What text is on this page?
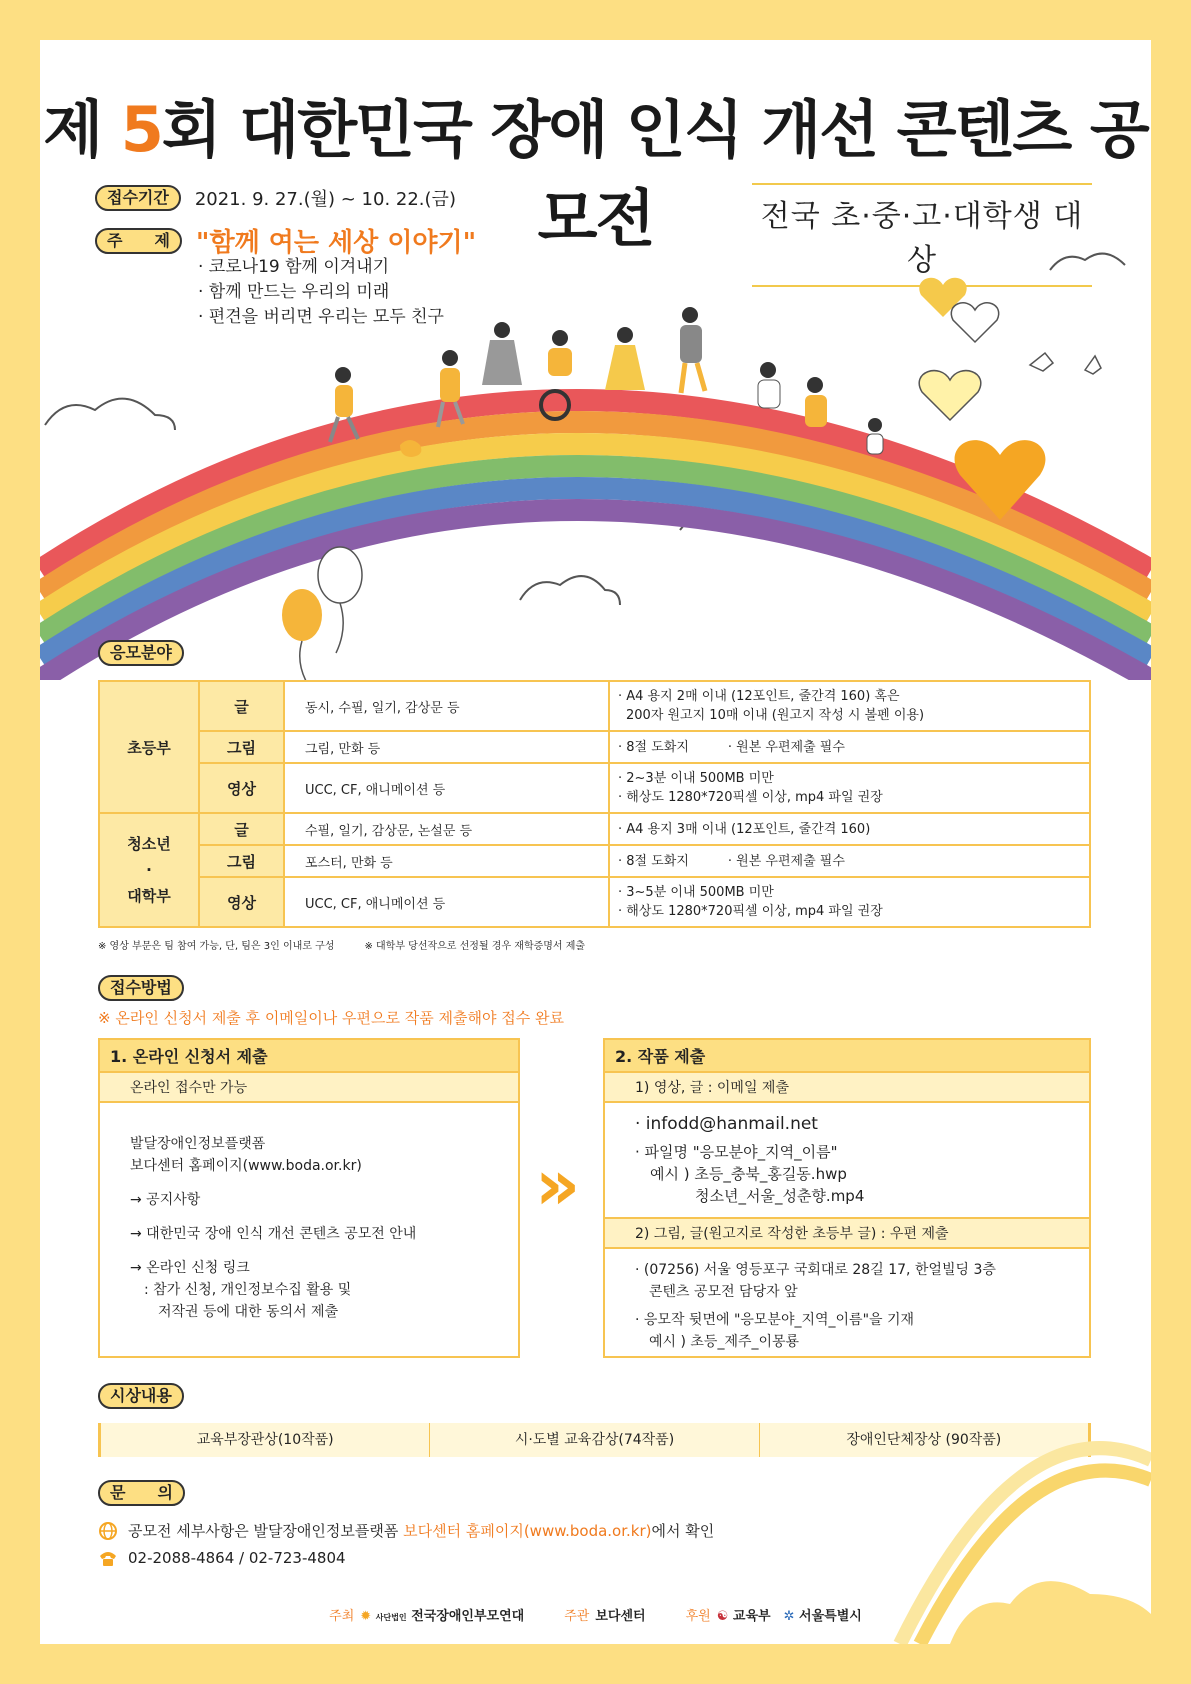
제 5회 대한민국 장애 인식 개선 콘텐츠 공모전
접수기간	2021. 9. 27.(월) ~ 10. 22.(금)
주　　제	"함께 여는 세상 이야기"
· 코로나19 함께 이겨내기
· 함께 만드는 우리의 미래
· 편견을 버리면 우리는 모두 친구
전국 초·중·고·대학생 대상
응모분야
초등부	글	동시, 수필, 일기, 감상문 등	· A4 용지 2매 이내 (12포인트, 줄간격 160) 혹은
200자 원고지 10매 이내 (원고지 작성 시 볼펜 이용)

	그림	그림, 만화 등	· 8절 도화지　　　· 원본 우편제출 필수
	영상	UCC, CF, 애니메이션 등	· 2~3분 이내 500MB 미만
· 해상도 1280*720픽셀 이상, mp4 파일 권장

청소년
·
대학부	글	수필, 일기, 감상문, 논설문 등	· A4 용지 3매 이내 (12포인트, 줄간격 160)
	그림	포스터, 만화 등	· 8절 도화지　　　· 원본 우편제출 필수
	영상	UCC, CF, 애니메이션 등	· 3~5분 이내 500MB 미만
· 해상도 1280*720픽셀 이상, mp4 파일 권장
※ 영상 부문은 팀 참여 가능, 단, 팀은 3인 이내로 구성	※ 대학부 당선작으로 선정될 경우 재학증명서 제출
접수방법
※ 온라인 신청서 제출 후 이메일이나 우편으로 작품 제출해야 접수 완료
1. 온라인 신청서 제출
온라인 접수만 가능
발달장애인정보플랫폼
보다센터 홈페이지(www.boda.or.kr)
→ 공지사항
→ 대한민국 장애 인식 개선 콘텐츠 공모전 안내
→ 온라인 신청 링크
　: 참가 신청, 개인정보수집 활용 및
　　저작권 등에 대한 동의서 제출
»
2. 작품 제출
1) 영상, 글 : 이메일 제출
· infodd@hanmail.net
· 파일명 "응모분야_지역_이름"
　예시 ) 초등_충북_홍길동.hwp
　　　　청소년_서울_성춘향.mp4
2) 그림, 글(원고지로 작성한 초등부 글) : 우편 제출
· (07256) 서울 영등포구 국회대로 28길 17, 한얼빌딩 3층
　콘텐츠 공모전 담당자 앞
· 응모작 뒷면에 "응모분야_지역_이름"을 기재
　예시 ) 초등_제주_이몽룡
시상내용
교육부장관상(10작품)	시·도별 교육감상(74작품)	장애인단체장상 (90작품)
문　　의
공모전 세부사항은 발달장애인정보플랫폼 보다센터 홈페이지(www.boda.or.kr)에서 확인
02-2088-4864 / 02-723-4804
주최 ✹ 사단법인 전국장애인부모연대	주관 보다센터	후원 ☯ 교육부　 ✲ 서울특별시
